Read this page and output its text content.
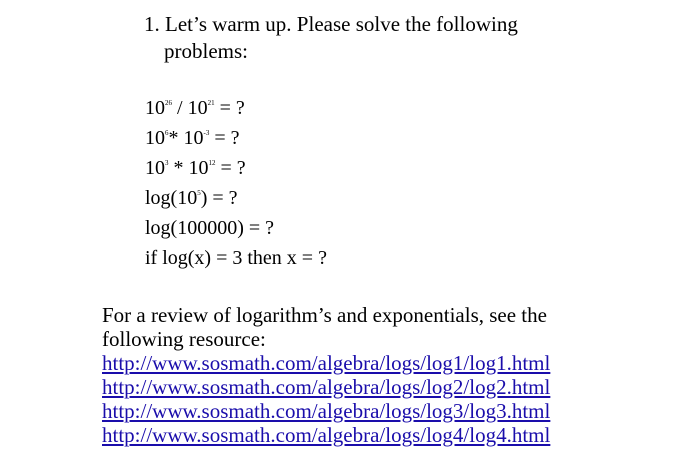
1. Let’s warm up. Please solve the following
problems:
$10^{26} / 10^{21}$ = ?
$10^6*$ $10^{-3}$ = ?
$10^3 * 10^{12}$ = ?
$\log(10^5)$ = ?
log(100000) = ?
if log(x) = 3 then x = ?
For a review of logarithm’s and exponentials, see the
following resource:
http://www.sosmath.com/algebra/logs/log1/log1.html
http://www.sosmath.com/algebra/logs/log2/log2.html
http://www.sosmath.com/algebra/logs/log3/log3.html
http://www.sosmath.com/algebra/logs/log4/log4.html
